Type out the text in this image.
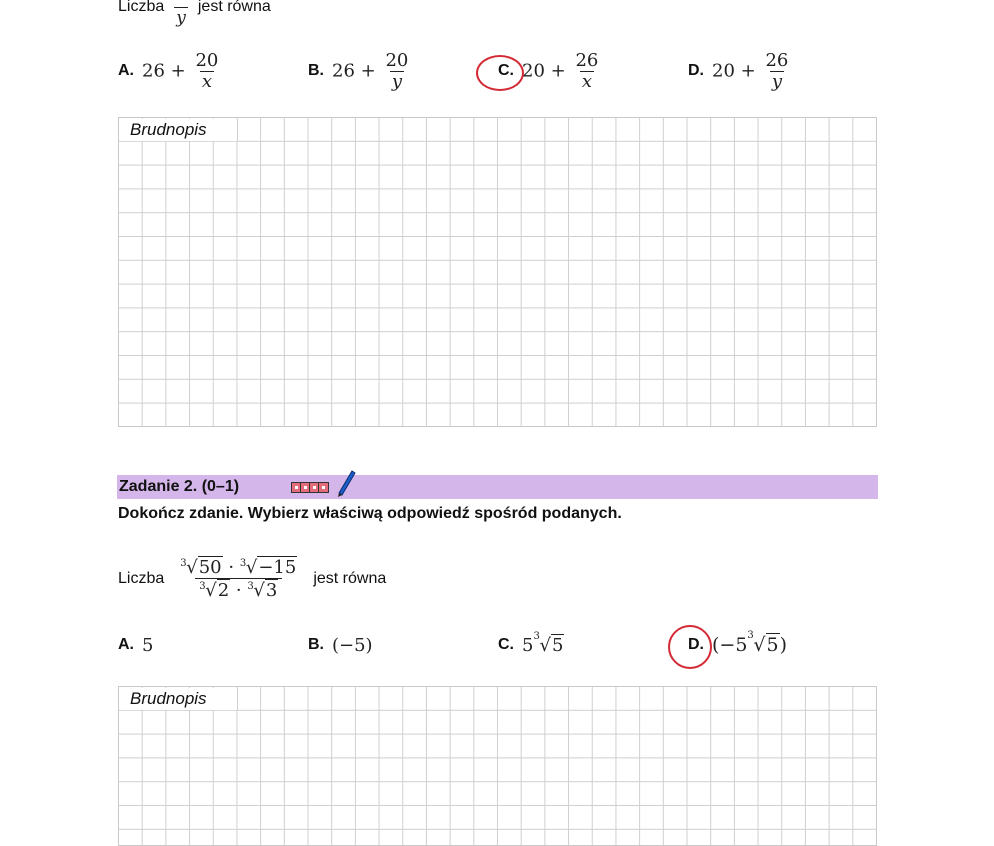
Liczba
y
jest równa
A. $26 + \frac{20}{x}$	B. $26 + \frac{20}{y}$	C. $20 + \frac{26}{x}$	D. $20 + \frac{26}{y}$
Brudnopis
Zadanie 2. (0–1)
Dokończ zdanie. Wybierz właściwą odpowiedź spośród podanych.
Liczba $\frac{3 √50 \cdot 3 √-15}{3 √2 \cdot 3 √3}$ jest równa
A. 5	B. (−5)	C. 5 3 √5	D. (−5 3 √5)
Brudnopis
